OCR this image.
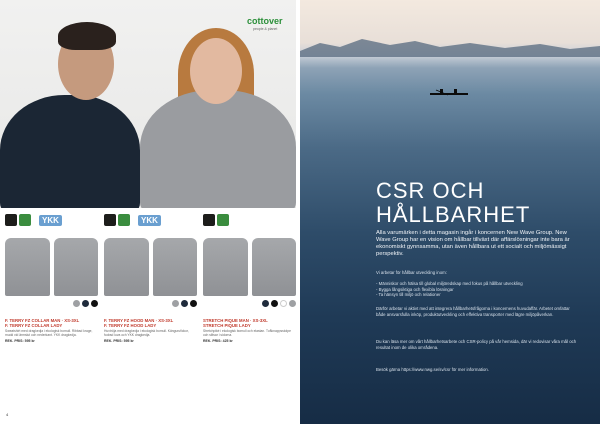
cottover
people & planet
YKK
F. TERRY FZ COLLAR MAN · XS-3XL
F. TERRY FZ COLLAR LADY
Sweatshirt med dragkedja i ekologisk bomull. Ribbad krage, mudd vid ärmslut och nederkant. YKK dragkedja.
REK. PRIS: 595 kr
YKK
F. TERRY FZ HOOD MAN · XS-3XL
F. TERRY FZ HOOD LADY
Huvtröja med dragkedja i ekologisk bomull. Kängurufickor, fodrad luva och YKK dragkedja.
REK. PRIS: 595 kr
STRETCH PIQUE MAN · XS-3XL
STRETCH PIQUE LADY
Stretchpiké i ekologisk bomull och elastan. Tvåknappsstolpe och slitsar i sidorna.
REK. PRIS: 425 kr
4
CSR OCH
HÅLLBARHET
Alla varumärken i detta magasin ingår i koncernen New Wave Group. New Wave Group har en vision om hållbar tillväxt där affärslösningar inte bara är ekonomiskt gynnsamma, utan även hållbara ut ett socialt och miljömässigt perspektiv.
Vi arbetar för hållbar utveckling inom:
- Människor och hälsa till global miljöredskap med fokus på hållbar utveckling
- Bygga långsiktiga och flexibla lösningar
- Ta hänsyn till miljö och relationer
Därför arbetar vi aktivt med att integrera hållbarhetsfrågorna i koncernens huvudaffär. Arbetet omfattar både ansvarsfulla inköp, produktutveckling och effektiva transporter med lägre miljöpåverkan.
Du kan läsa mer om vårt hållbarhetsarbete och CSR-policy på vår hemsida, där vi redovisar våra mål och resultat inom de olika områdena.
Besök gärna https://www.nwg.se/sv/csr för mer information.
